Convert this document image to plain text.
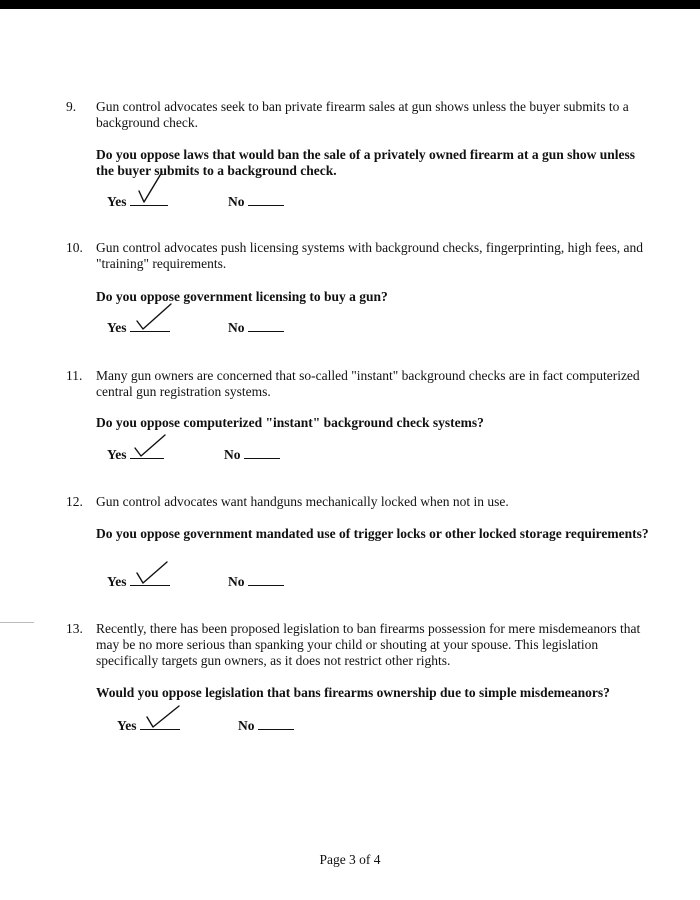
9. Gun control advocates seek to ban private firearm sales at gun shows unless the buyer submits to a background check.
Do you oppose laws that would ban the sale of a privately owned firearm at a gun show unless the buyer submits to a background check.
Yes	No
10. Gun control advocates push licensing systems with background checks, fingerprinting, high fees, and "training" requirements.
Do you oppose government licensing to buy a gun?
Yes	No
11. Many gun owners are concerned that so-called "instant" background checks are in fact computerized central gun registration systems.
Do you oppose computerized "instant" background check systems?
Yes	No
12. Gun control advocates want handguns mechanically locked when not in use.
Do you oppose government mandated use of trigger locks or other locked storage requirements?
Yes	No
13. Recently, there has been proposed legislation to ban firearms possession for mere misdemeanors that may be no more serious than spanking your child or shouting at your spouse. This legislation specifically targets gun owners, as it does not restrict other rights.
Would you oppose legislation that bans firearms ownership due to simple misdemeanors?
Yes	No
Page 3 of 4
